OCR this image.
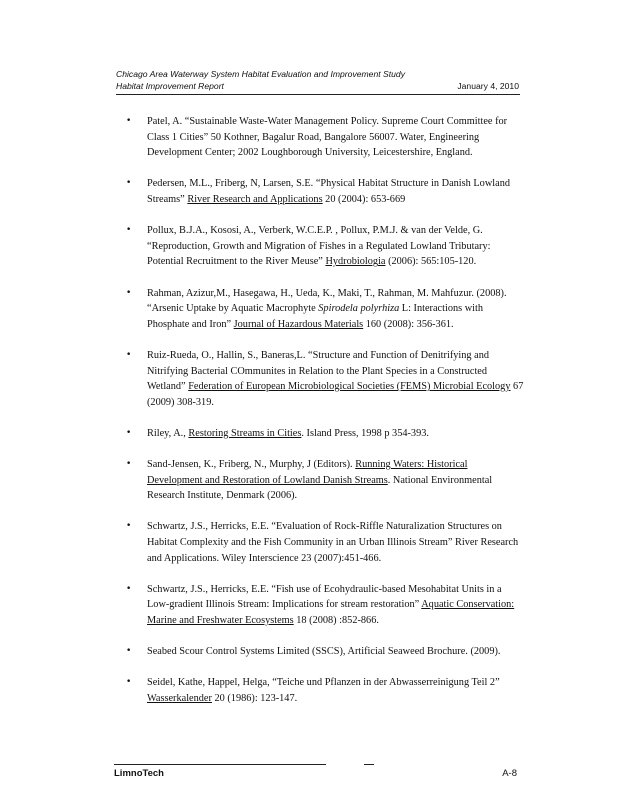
Chicago Area Waterway System Habitat Evaluation and Improvement Study
Habitat Improvement Report	January 4, 2010
• Patel, A. “Sustainable Waste-Water Management Policy. Supreme Court Committee for Class 1 Cities” 50 Kothner, Bagalur Road, Bangalore 56007. Water, Engineering Development Center; 2002 Loughborough University, Leicestershire, England.
• Pedersen, M.L., Friberg, N, Larsen, S.E. “Physical Habitat Structure in Danish Lowland Streams” River Research and Applications 20 (2004): 653-669
• Pollux, B.J.A., Kososi, A., Verberk, W.C.E.P. , Pollux, P.M.J. & van der Velde, G. “Reproduction, Growth and Migration of Fishes in a Regulated Lowland Tributary: Potential Recruitment to the River Meuse” Hydrobiologia (2006): 565:105-120.
• Rahman, Azizur,M., Hasegawa, H., Ueda, K., Maki, T., Rahman, M. Mahfuzur. (2008). “Arsenic Uptake by Aquatic Macrophyte Spirodela polyrhiza L: Interactions with Phosphate and Iron” Journal of Hazardous Materials 160 (2008): 356-361.
• Ruiz-Rueda, O., Hallin, S., Baneras,L. “Structure and Function of Denitrifying and Nitrifying Bacterial COmmunites in Relation to the Plant Species in a Constructed Wetland” Federation of European Microbiological Societies (FEMS) Microbial Ecology 67 (2009) 308-319.
• Riley, A., Restoring Streams in Cities. Island Press, 1998 p 354-393.
• Sand-Jensen, K., Friberg, N., Murphy, J (Editors). Running Waters: Historical Development and Restoration of Lowland Danish Streams. National Environmental Research Institute, Denmark (2006).
• Schwartz, J.S., Herricks, E.E. “Evaluation of Rock-Riffle Naturalization Structures on Habitat Complexity and the Fish Community in an Urban Illinois Stream” River Research and Applications. Wiley Interscience 23 (2007):451-466.
• Schwartz, J.S., Herricks, E.E. “Fish use of Ecohydraulic-based Mesohabitat Units in a Low-gradient Illinois Stream: Implications for stream restoration” Aquatic Conservation: Marine and Freshwater Ecosystems 18 (2008) :852-866.
• Seabed Scour Control Systems Limited (SSCS), Artificial Seaweed Brochure. (2009).
• Seidel, Kathe, Happel, Helga, “Teiche und Pflanzen in der Abwasserreinigung Teil 2” Wasserkalender 20 (1986): 123-147.
LimnoTech	A-8
